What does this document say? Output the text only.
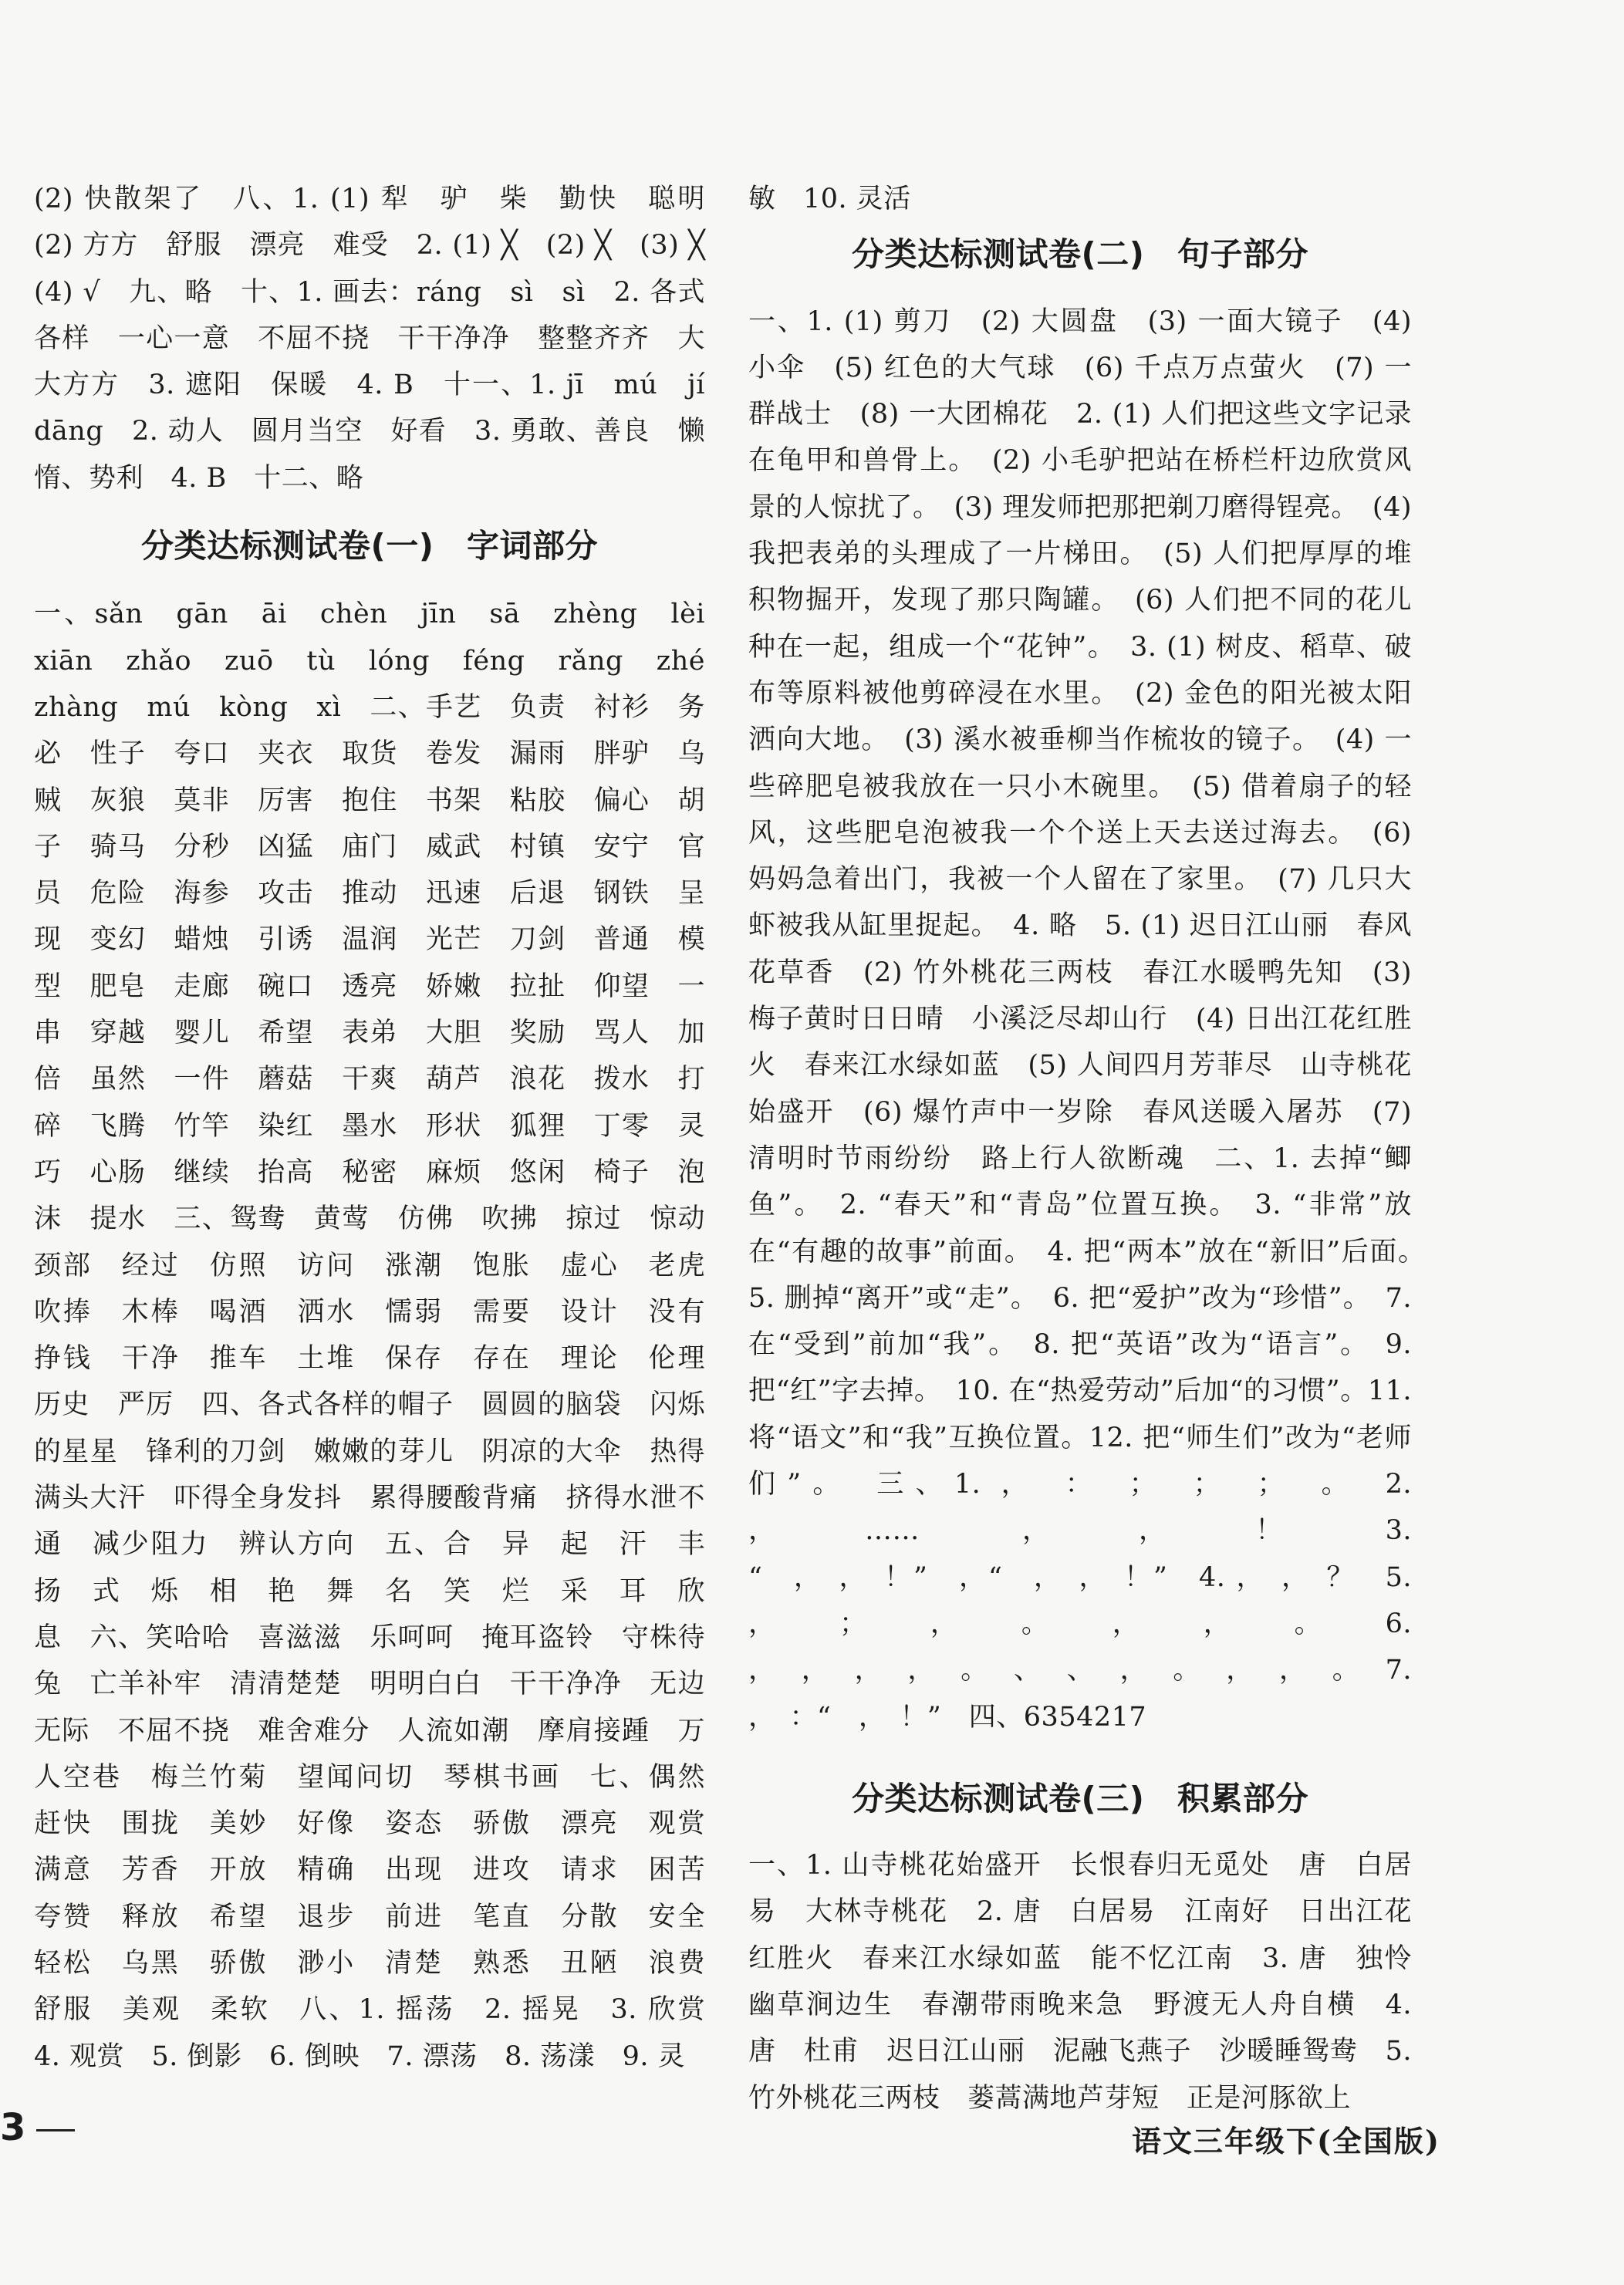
(2) 快散架了　八、1. (1) 犁　驴　柴　勤快　聪明　(2) 方方　舒服　漂亮　难受　2. (1) ╳　(2) ╳　(3) ╳　(4) √　九、略　十、1. 画去：ráng　sì　sì　2. 各式各样　一心一意　不屈不挠　干干净净　整整齐齐　大大方方　3. 遮阳　保暖　4. B　十一、1. jī　mú　jí　dāng　2. 动人　圆月当空　好看　3. 勇敢、善良　懒惰、势利　4. B　十二、略

分类达标测试卷(一)　字词部分

一、sǎn　gān　āi　chèn　jīn　sā　zhèng　lèi　xiān　zhǎo　zuō　tù　lóng　féng　rǎng　zhé　zhàng　mú　kòng　xì　二、手艺　负责　衬衫　务必　性子　夸口　夹衣　取货　卷发　漏雨　胖驴　乌贼　灰狼　莫非　厉害　抱住　书架　粘胶　偏心　胡子　骑马　分秒　凶猛　庙门　威武　村镇　安宁　官员　危险　海参　攻击　推动　迅速　后退　钢铁　呈现　变幻　蜡烛　引诱　温润　光芒　刀剑　普通　模型　肥皂　走廊　碗口　透亮　娇嫩　拉扯　仰望　一串　穿越　婴儿　希望　表弟　大胆　奖励　骂人　加倍　虽然　一件　蘑菇　干爽　葫芦　浪花　拨水　打碎　飞腾　竹竿　染红　墨水　形状　狐狸　丁零　灵巧　心肠　继续　抬高　秘密　麻烦　悠闲　椅子　泡沫　提水　三、鸳鸯　黄莺　仿佛　吹拂　掠过　惊动　颈部　经过　仿照　访问　涨潮　饱胀　虚心　老虎　吹捧　木棒　喝酒　洒水　懦弱　需要　设计　没有　挣钱　干净　推车　土堆　保存　存在　理论　伦理　历史　严厉　四、各式各样的帽子　圆圆的脑袋　闪烁的星星　锋利的刀剑　嫩嫩的芽儿　阴凉的大伞　热得满头大汗　吓得全身发抖　累得腰酸背痛　挤得水泄不通　减少阻力　辨认方向　五、合　异　起　汗　丰　扬　式　烁　相　艳　舞　名　笑　烂　采　耳　欣　息　六、笑哈哈　喜滋滋　乐呵呵　掩耳盗铃　守株待兔　亡羊补牢　清清楚楚　明明白白　干干净净　无边无际　不屈不挠　难舍难分　人流如潮　摩肩接踵　万人空巷　梅兰竹菊　望闻问切　琴棋书画　七、偶然　赶快　围拢　美妙　好像　姿态　骄傲　漂亮　观赏　满意　芳香　开放　精确　出现　进攻　请求　困苦　夸赞　释放　希望　退步　前进　笔直　分散　安全　轻松　乌黑　骄傲　渺小　清楚　熟悉　丑陋　浪费　舒服　美观　柔软　八、1. 摇荡　2. 摇晃　3. 欣赏　4. 观赏　5. 倒影　6. 倒映　7. 漂荡　8. 荡漾　9. 灵

敏　10. 灵活

分类达标测试卷(二)　句子部分

一、1. (1) 剪刀　(2) 大圆盘　(3) 一面大镜子　(4) 小伞　(5) 红色的大气球　(6) 千点万点萤火　(7) 一群战士　(8) 一大团棉花　2. (1) 人们把这些文字记录在龟甲和兽骨上。　(2) 小毛驴把站在桥栏杆边欣赏风景的人惊扰了。　(3) 理发师把那把剃刀磨得锃亮。　(4) 我把表弟的头理成了一片梯田。　(5) 人们把厚厚的堆积物掘开，发现了那只陶罐。　(6) 人们把不同的花儿种在一起，组成一个“花钟”。　3. (1) 树皮、稻草、破布等原料被他剪碎浸在水里。　(2) 金色的阳光被太阳洒向大地。　(3) 溪水被垂柳当作梳妆的镜子。　(4) 一些碎肥皂被我放在一只小木碗里。　(5) 借着扇子的轻风，这些肥皂泡被我一个个送上天去送过海去。　(6) 妈妈急着出门，我被一个人留在了家里。　(7) 几只大虾被我从缸里捉起。　4. 略　5. (1) 迟日江山丽　春风花草香　(2) 竹外桃花三两枝　春江水暖鸭先知　(3) 梅子黄时日日晴　小溪泛尽却山行　(4) 日出江花红胜火　春来江水绿如蓝　(5) 人间四月芳菲尽　山寺桃花始盛开　(6) 爆竹声中一岁除　春风送暖入屠苏　(7) 清明时节雨纷纷　路上行人欲断魂　二、1. 去掉“鲫鱼”。　2. “春天”和“青岛”位置互换。　3. “非常”放在“有趣的故事”前面。　4. 把“两本”放在“新旧”后面。　5. 删掉“离开”或“走”。　6. 把“爱护”改为“珍惜”。　7. 在“受到”前加“我”。　8. 把“英语”改为“语言”。　9. 把“红”字去掉。　10. 在“热爱劳动”后加“的习惯”。11. 将“语文”和“我”互换位置。12. 把“师生们”改为“老师们”。　三、1. ，　：　；　；　；　。　2. ，　……　，　，　！　3. “　，　，　！”　，“　，　，　！”　4. ，　，　？　5. ，　；　，　。　，　，　。　6. ，　，　，　，　。　、　、　，　。　，　，　。　7. ，　：“　，　！”　四、6354217

分类达标测试卷(三)　积累部分

一、1. 山寺桃花始盛开　长恨春归无觅处　唐　白居易　大林寺桃花　2. 唐　白居易　江南好　日出江花红胜火　春来江水绿如蓝　能不忆江南　3. 唐　独怜幽草涧边生　春潮带雨晚来急　野渡无人舟自横　4. 唐　杜甫　迟日江山丽　泥融飞燕子　沙暖睡鸳鸯　5. 竹外桃花三两枝　蒌蒿满地芦芽短　正是河豚欲上

3	语文三年级下(全国版)
